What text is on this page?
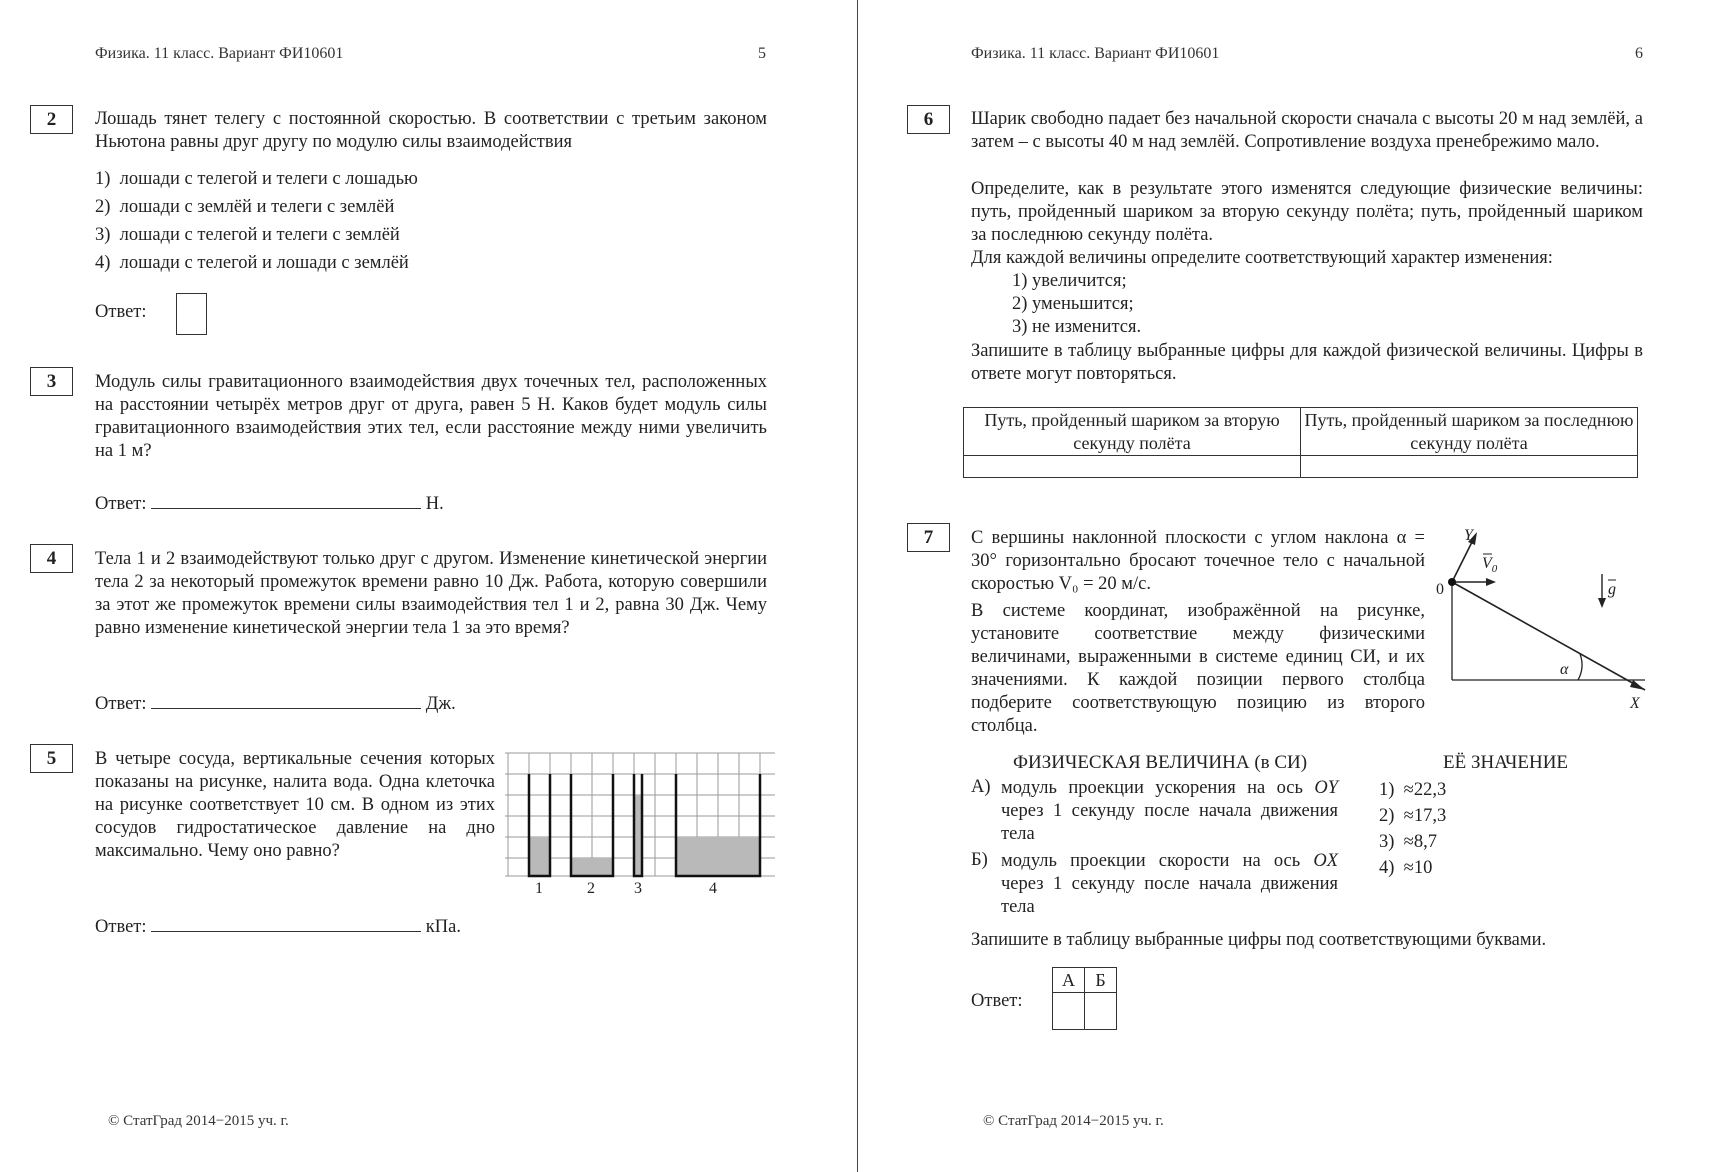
Физика. 11 класс. Вариант ФИ10601	5
2	Лошадь тянет телегу с постоянной скоростью. В соответствии с третьим законом Ньютона равны друг другу по модулю силы взаимодействия
1) лошади с телегой и телеги с лошадью
2) лошади с землёй и телеги с землёй
3) лошади с телегой и телеги с землёй
4) лошади с телегой и лошади с землёй
Ответ:
3	Модуль силы гравитационного взаимодействия двух точечных тел, расположенных на расстоянии четырёх метров друг от друга, равен 5 Н. Каков будет модуль силы гравитационного взаимодействия этих тел, если расстояние между ними увеличить на 1 м?
Ответ:	Н.
4	Тела 1 и 2 взаимодействуют только друг с другом. Изменение кинетической энергии тела 2 за некоторый промежуток времени равно 10 Дж. Работа, которую совершили за этот же промежуток времени силы взаимодействия тел 1 и 2, равна 30 Дж. Чему равно изменение кинетической энергии тела 1 за это время?
Ответ:	Дж.
5	В четыре сосуда, вертикальные сечения которых показаны на рисунке, налита вода. Одна клеточка на рисунке соответствует 10 см. В одном из этих сосудов гидростатическое давление на дно максимально. Чему оно равно?
1	2 3	4
Ответ:	кПа.
© СтатГрад 2014−2015 уч. г.
Физика. 11 класс. Вариант ФИ10601	6
6	Шарик свободно падает без начальной скорости сначала с высоты 20 м над землёй, а затем – с высоты 40 м над землёй. Сопротивление воздуха пренебрежимо мало.
Определите, как в результате этого изменятся следующие физические величины: путь, пройденный шариком за вторую секунду полёта; путь, пройденный шариком за последнюю секунду полёта.
Для каждой величины определите соответствующий характер изменения:
1) увеличится;
2) уменьшится;
3) не изменится.
Запишите в таблицу выбранные цифры для каждой физической величины. Цифры в ответе могут повторяться.
Путь, пройденный шариком за вторую секунду полёта	Путь, пройденный шариком за последнюю секунду полёта

7	С вершины наклонной плоскости с углом наклона α = 30° горизонтально бросают точечное тело с начальной скоростью V₀ = 20 м/с.
В системе координат, изображённой на рисунке, установите соответствие между физическими величинами, выраженными в системе единиц СИ, и их значениями. К каждой позиции первого столбца подберите соответствующую позицию из второго столбца.
Y
X
0
$V_0$
g
α
ФИЗИЧЕСКАЯ ВЕЛИЧИНА (в СИ)	ЕЁ ЗНАЧЕНИЕ
А) модуль проекции ускорения на ось OY через 1 секунду после начала движения тела
Б) модуль проекции скорости на ось OX через 1 секунду после начала движения тела
1) ≈22,3
2) ≈17,3
3) ≈8,7
4) ≈10
Запишите в таблицу выбранные цифры под соответствующими буквами.
Ответ:
А	Б

© СтатГрад 2014−2015 уч. г.
